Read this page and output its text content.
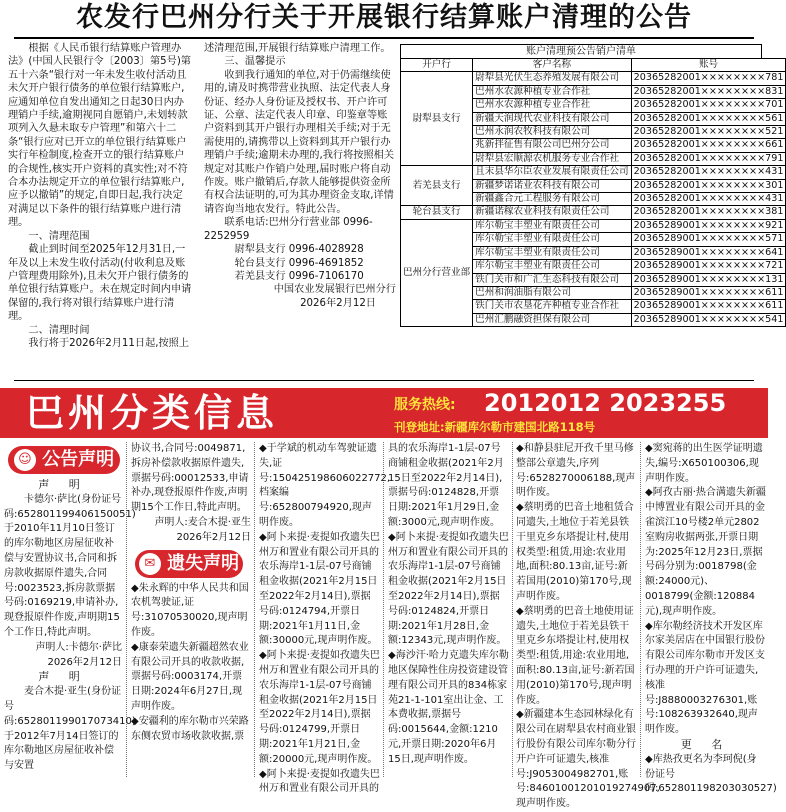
农发行巴州分行关于开展银行结算账户清理的公告

根据《人民币银行结算账户管理办法》(中国人民银行令〔2003〕第5号)第五十六条“银行对一年未发生收付活动且未欠开户银行债务的单位银行结算账户,应通知单位自发出通知之日起30日内办理销户手续,逾期视同自愿销户,未划转款项列入久悬未取专户管理”和第六十二条“银行应对已开立的单位银行结算账户实行年检制度,检查开立的银行结算账户的合规性,核实开户资料的真实性;对不符合本办法规定开立的单位银行结算账户,应予以撤销”的规定,自即日起,我行决定对满足以下条件的银行结算账户进行清理。

一、清理范围

截止到时间至2025年12月31日,一年及以上未发生收付活动(付收利息及账户管理费用除外),且未欠开户银行债务的单位银行结算账户。未在规定时间内申请保留的,我行将对银行结算账户进行清理。

二、清理时间

我行将于2026年2月11日起,按照上

述清理范围,开展银行结算账户清理工作。

三、温馨提示

收到我行通知的单位,对于仍需继续使用的,请及时携带营业执照、法定代表人身份证、经办人身份证及授权书、开户许可证、公章、法定代表人印章、印鉴章等账户资料到其开户银行办理相关手续;对于无需使用的,请携带以上资料到其开户银行办理销户手续;逾期未办理的,我行将按照相关规定对其账户作销户处理,届时账户将自动作废。账户撤销后,存款人能够提供资金所有权合法证明的,可为其办理资金支取,详情请咨询当地农发行。特此公告。

联系电话:巴州分行营业部 0996-2252959

尉犁县支行 0996-4028928

轮台县支行 0996-4691852

若羌县支行 0996-7106170

中国农业发展银行巴州分行

2026年2月12日

账户清理预公告销户清单
开户行	客户名称	账号
尉犁县支行	尉犁县光伏生态养殖发展有限公司	20365282001××××××××781
	巴州水农源种植专业合作社	20365282001××××××××831
	巴州水农源种植专业合作社	20365282001××××××××701
	新疆天润现代农业科技有限公司	20365282001××××××××561
	巴州永润农牧科技有限公司	20365282001××××××××521
	兆新拌征售有限公司巴州分公司	20365282001××××××××661
	尉犁县宏顺源农机服务专业合作社	20365282001××××××××791
若羌县支行	且末县华尔臣农业发展有限责任公司	20365282001××××××××431
	新疆梦诺诺业农科技有限公司	20365282001××××××××301
	新疆鑫合元工程服务有限公司	20365282001××××××××431
轮台县支行	新疆诺稼农业科技有限责任公司	20365282001××××××××381
巴州分行营业部	库尔勒宝丰塑业有限责任公司	20365289001××××××××921
	库尔勒宝丰塑业有限责任公司	20365289001××××××××571
	库尔勒宝丰塑业有限责任公司	20365289001××××××××641
	库尔勒宝丰塑业有限责任公司	20365289001××××××××721
	铁门关市和广汇生态科技有限公司	20365289001××××××××131
	巴州和润油脂有限公司	20365289001××××××××611
	铁门关市农垦花卉种植专业合作社	20365289001××××××××611
	巴州汇鹏融资担保有限公司	20365289001××××××××541
巴州分类信息	服务热线: 2012012 2023255
刊登地址:新疆库尔勒市建国北路118号
☺ 公告声明

声 明

卡德尔·萨比(身份证号码:652801199406150051)于2010年11月10日签订的库尔勒地区房屋征收补偿与安置协议书,合同和拆房款收据原件遗失,合同号:0023523,拆房款票据号码:0169219,申请补办,现登报原件作废,声明期15个工作日,特此声明。

声明人:卡德尔·萨比

2026年2月12日

声 明

麦合木提·亚生(身份证号码:652801199017073410)于2012年7月14日签订的库尔勒地区房屋征收补偿与安置

协议书,合同号:0049871,拆房补偿款收据原件遗失,票据号码:00012533,申请补办,现登报原件作废,声明期15个工作日,特此声明。

声明人:麦合木提·亚生

2026年2月12日

✉ 遗失声明

◆朱永辉的中华人民共和国农机驾驶证,证号:31070530020,现声明作废。

◆康泰荣遗失新疆超然农业有限公司开具的收款收据,票据号码:0003174,开票日期:2024年6月27日,现声明作废。

◆安疆利的库尔勒市兴荣路东侧农贸市场收款收据,票

◆于学斌的机动车驾驶证遗失,证号:150425198606022772,档案编号:652800794920,现声明作废。

◆阿卜来提·麦提如孜遗失巴州万和置业有限公司开具的农乐海岸1-1层-07号商铺租金收据(2021年2月15日至2022年2月14日),票据号码:0124794,开票日期:2021年1月11日,金额:30000元,现声明作废。

◆阿卜来提·麦提如孜遗失巴州万和置业有限公司开具的农乐海岸1-1层-07号商铺租金收据(2021年2月15日至2022年2月14日),票据号码:0124799,开票日期:2021年1月21日,金额:20000元,现声明作废。

◆阿卜来提·麦提如孜遗失巴州万和置业有限公司开具的

具的农乐海岸1-1层-07号商铺租金收据(2021年2月15日至2022年2月14日),票据号码:0124828,开票日期:2021年1月29日,金额:3000元,现声明作废。

◆阿卜来提·麦提如孜遗失巴州万和置业有限公司开具的农乐海岸1-1层-07号商铺租金收据(2021年2月15日至2022年2月14日),票据号码:0124824,开票日期:2021年1月28日,金额:12343元,现声明作废。

◆海沙汗·哈力克遗失库尔勒地区保障性住房投资建设管理有限公司开具的834栋家苑21-1-101室出让金、工本费收据,票据号码:0015644,金额:1210元,开票日期:2020年6月15日,现声明作废。

◆和静县驻尼开孜千里马修整部公章遗失,序列号:6528270006188,现声明作废。

◆蔡明勇的巴音土地租赁合同遗失,土地位于若羌县铁干里克乡东塔提让村,使用权类型:租赁,用途:农业用地,面积:80.13亩,证号:新若国用(2010)第170号,现声明作废。

◆蔡明勇的巴音土地使用证遗失,土地位于若羌县铁干里克乡东塔提让村,使用权类型:租赁,用途:农业用地,面积:80.13亩,证号:新若国用(2010)第170号,现声明作废。

◆新疆建本生态园林绿化有限公司在尉犁县农村商业银行股份有限公司库尔勒分行开户许可证遗失,核准号:J9053004982701,账号:84601001201019274907,现声明作废。

◆窦宛蒋的出生医学证明遗失,编号:X650100306,现声明作废。

◆阿孜古丽·热合满遗失新疆中博置业有限公司开具的金雀滨江10号楼2单元2802室购房收据两张,开票日期为:2025年12月23日,票据号码分别为:0018798(金额:24000元)、0018799(金额:120884元),现声明作废。

◆库尔勒经济技术开发区库尔家美居店在中国银行股份有限公司库尔勒市开发区支行办理的开户许可证遗失,核准号:J8880003276301,账号:108263932640,现声明作废。

更 名

◆库热孜更名为李珂倪(身份证号码:652801198203030527)
